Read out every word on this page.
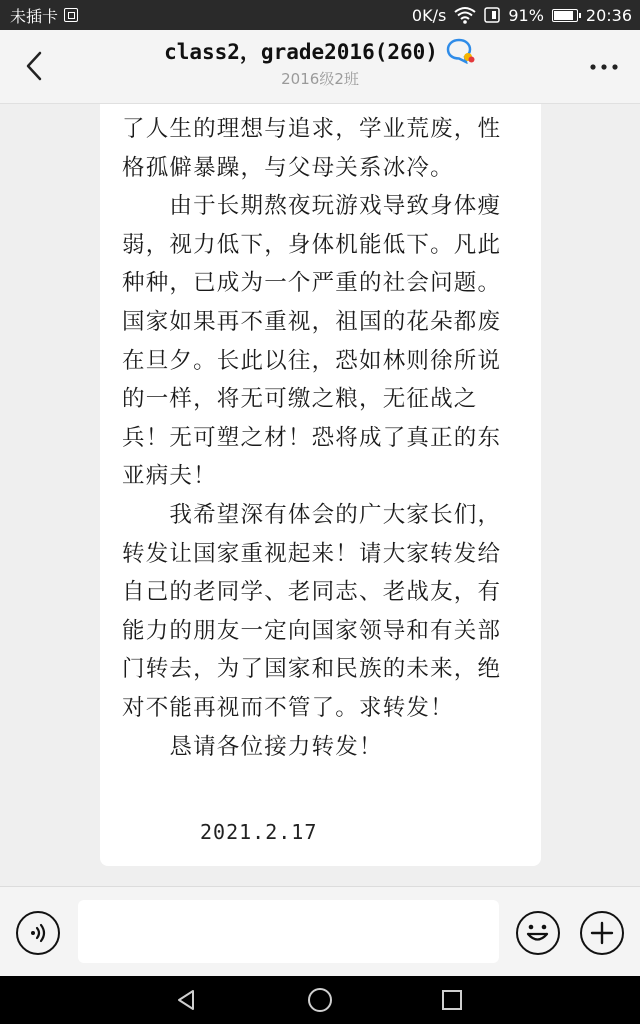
未插卡	0K/s	91%	20:36
class2，grade2016(260)
2016级2班

了人生的理想与追求，学业荒废，性格孤僻暴躁，与父母关系冰冷。

　　由于长期熬夜玩游戏导致身体瘦弱，视力低下，身体机能低下。凡此种种，已成为一个严重的社会问题。国家如果再不重视，祖国的花朵都废在旦夕。长此以往，恐如林则徐所说的一样，将无可缴之粮，无征战之兵！无可塑之材！恐将成了真正的东亚病夫！

　　我希望深有体会的广大家长们，转发让国家重视起来！请大家转发给自己的老同学、老同志、老战友，有能力的朋友一定向国家领导和有关部门转去，为了国家和民族的未来，绝对不能再视而不管了。求转发！

　　恳请各位接力转发！

2021.2.17
